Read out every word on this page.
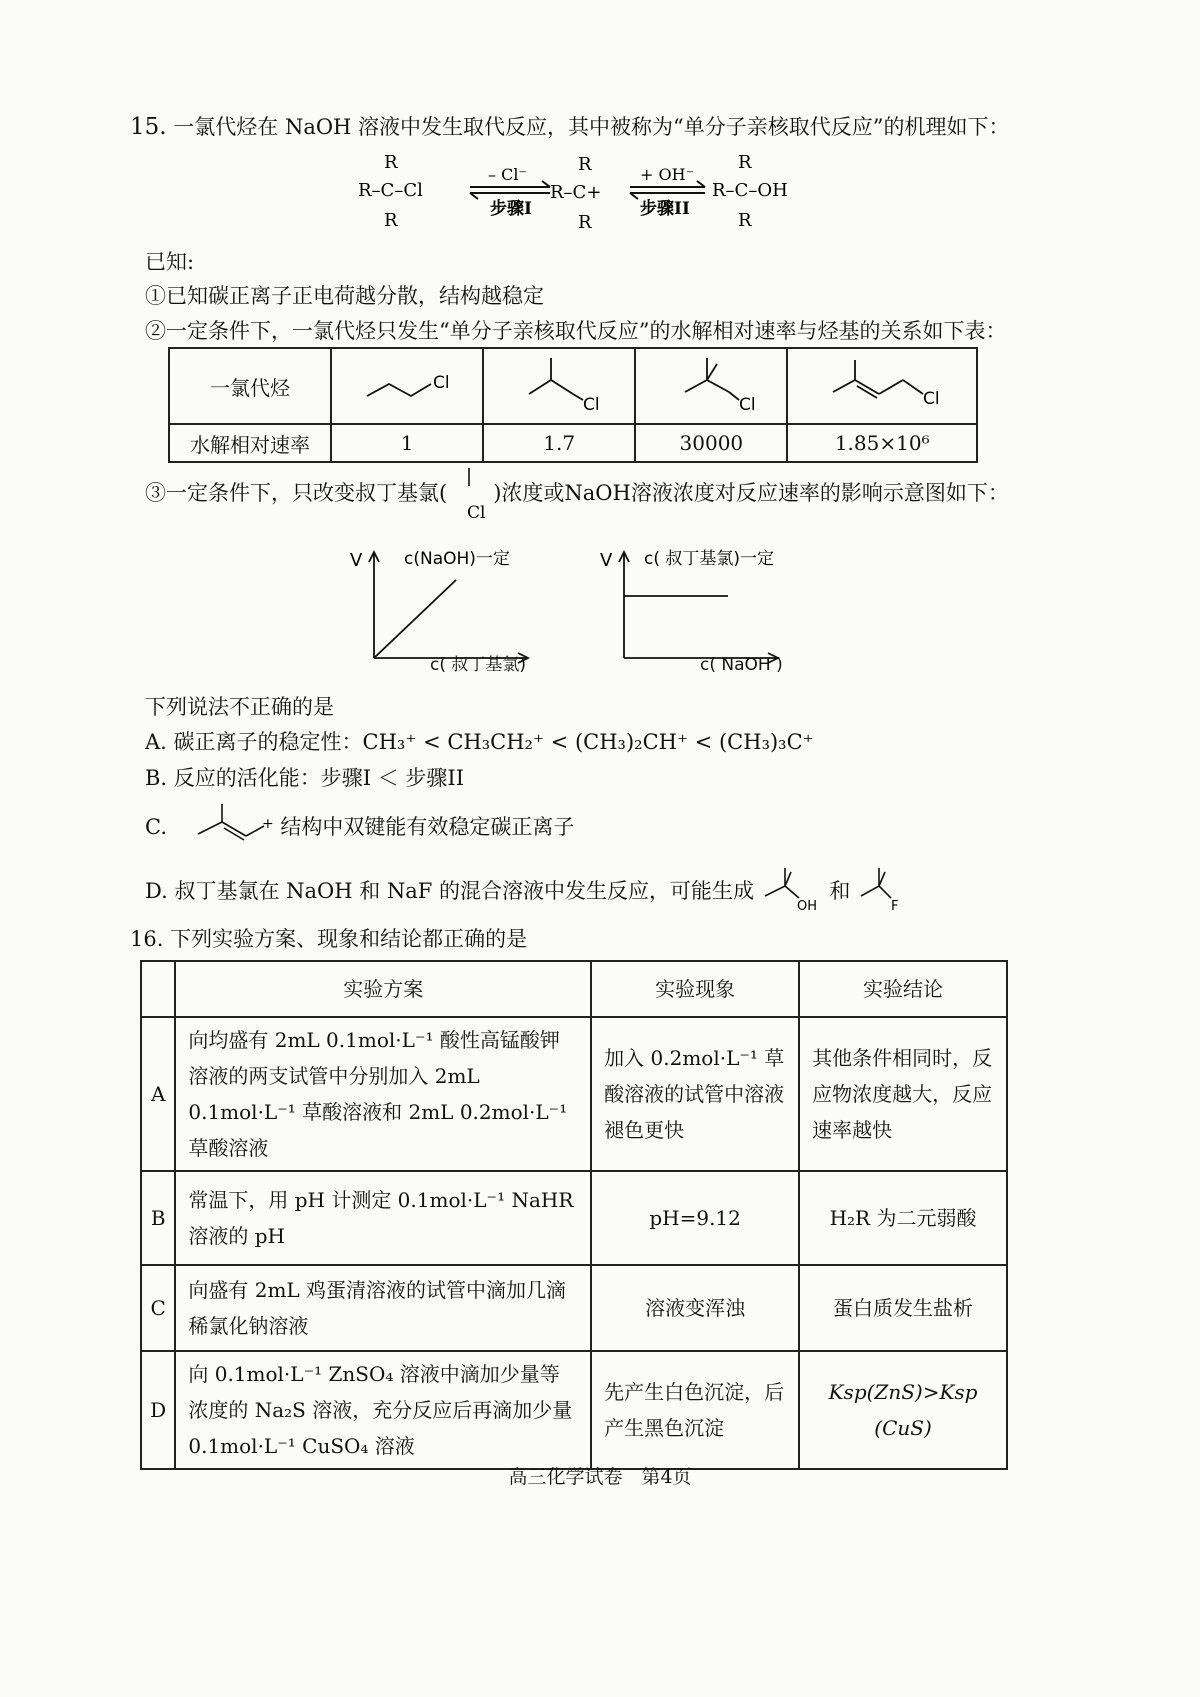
15. 一氯代烃在 NaOH 溶液中发生取代反应，其中被称为“单分子亲核取代反应”的机理如下：
R
R–C–Cl
R
– Cl⁻
步骤I
R
R–C+
R
+ OH⁻
步骤II
R
R–C–OH
R
已知:
①已知碳正离子正电荷越分散，结构越稳定
②一定条件下，一氯代烃只发生“单分子亲核取代反应”的水解相对速率与烃基的关系如下表：
一氯代烃	Cl	Cl	Cl	Cl

水解相对速率	1	1.7	30000	1.85×10⁶
③一定条件下，只改变叔丁基氯(
Cl
)浓度或NaOH溶液浓度对反应速率的影响示意图如下：
V c(NaOH)一定
c( 叔丁基氯)
V c( 叔丁基氯)一定
c( NaOH )
下列说法不正确的是
A. 碳正离子的稳定性：CH₃⁺ < CH₃CH₂⁺ < (CH₃)₂CH⁺ < (CH₃)₃C⁺
B. 反应的活化能：步骤I ＜ 步骤II
C.	+ 结构中双键能有效稳定碳正离子
D. 叔丁基氯在 NaOH 和 NaF 的混合溶液中发生反应，可能生成
OH
和
F
16. 下列实验方案、现象和结论都正确的是
	实验方案	实验现象	实验结论
A	向均盛有 2mL 0.1mol·L⁻¹ 酸性高锰酸钾溶液的两支试管中分别加入 2mL 0.1mol·L⁻¹ 草酸溶液和 2mL 0.2mol·L⁻¹ 草酸溶液	加入 0.2mol·L⁻¹ 草酸溶液的试管中溶液褪色更快	其他条件相同时，反应物浓度越大，反应速率越快
B	常温下，用 pH 计测定 0.1mol·L⁻¹ NaHR 溶液的 pH	pH=9.12	H₂R 为二元弱酸
C	向盛有 2mL 鸡蛋清溶液的试管中滴加几滴稀氯化钠溶液	溶液变浑浊	蛋白质发生盐析
D	向 0.1mol·L⁻¹ ZnSO₄ 溶液中滴加少量等浓度的 Na₂S 溶液，充分反应后再滴加少量 0.1mol·L⁻¹ CuSO₄ 溶液	先产生白色沉淀，后产生黑色沉淀	Ksp(ZnS)>Ksp (CuS)
高三化学试卷　第4页
